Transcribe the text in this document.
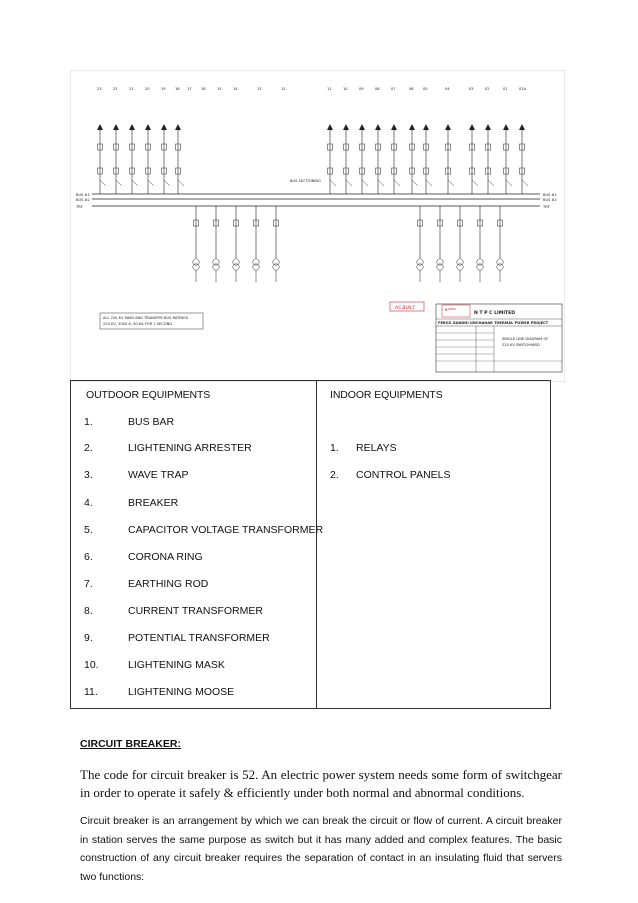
23	22	21	20	19	18 17	16	15	14	13	12	11	10	09	08	07	06	05	04	03	02	01	01A
BUS #1
BUS #2
TRF
BUS #1
BUS #2
TRF
BUS SECTIONING
ALL 220 KV MAIN AND TRANSFER BUS RATINGS
220 KV, 2000 A, 40 KA FOR 1 SECOND
AS BUILT	▲ NTPC
N T P C LIMITED
FEROZ GANDHI UNCHAHAR THERMAL POWER PROJECT
SINGLE LINE DIAGRAM OF
220 KV SWITCHYARD
OUTDOOR EQUIPMENTS	INDOOR EQUIPMENTS
1.	BUS BAR
2.	LIGHTENING ARRESTER
3.	WAVE TRAP
4.	BREAKER
5.	CAPACITOR VOLTAGE TRANSFORMER
6.	CORONA RING
7.	EARTHING ROD
8.	CURRENT TRANSFORMER
9.	POTENTIAL TRANSFORMER
10.	LIGHTENING MASK
11.	LIGHTENING MOOSE
1. RELAYS
2. CONTROL PANELS
CIRCUIT BREAKER:

The code for circuit breaker is 52. An electric power system needs some form of switchgear in order to operate it safely & efficiently under both normal and abnormal conditions.

Circuit breaker is an arrangement by which we can break the circuit or flow of current. A circuit breaker in station serves the same purpose as switch but it has many added and complex features. The basic construction of any circuit breaker requires the separation of contact in an insulating fluid that servers two functions:
